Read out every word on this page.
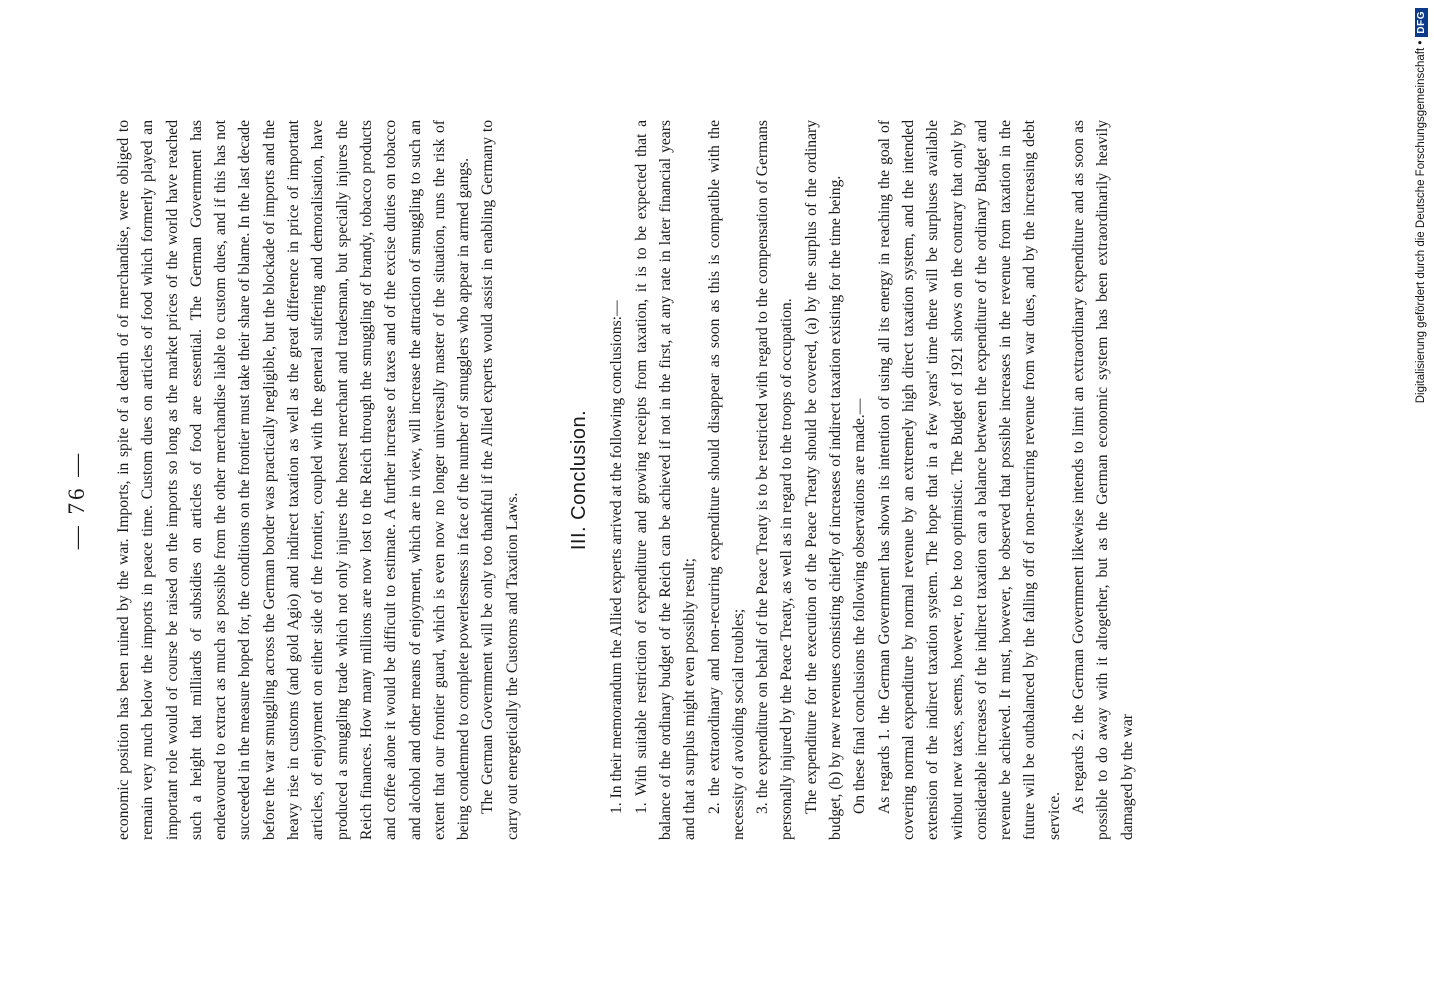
— 76 — economic position has been ruined by the war. Imports, in spite of a dearth of of merchandise, were obliged to remain very much below the imports in peace time. Custom dues on articles of food which formerly played an important role would of course be raised on the imports so long as the market prices of the world have reached such a height that milliards of subsidies on articles of food are essential. The German Government has endeavoured to extract as much as possible from the other merchandise liable to custom dues, and if this has not succeeded in the measure hoped for, the conditions on the frontier must take their share of blame. In the last decade before the war smuggling across the German border was practically negligible, but the blockade of imports and the heavy rise in customs (and gold Agio) and indirect taxation as well as the great difference in price of important articles, of enjoyment on either side of the frontier, coupled with the general suffering and demoralisation, have produced a smuggling trade which not only injures the honest merchant and tradesman, but specially injures the Reich finances. How many millions are now lost to the Reich through the smuggling of brandy, tobacco products and coffee alone it would be difficult to estimate. A further increase of taxes and of the excise duties on tobacco and alcohol and other means of enjoyment, which are in view, will increase the attraction of smuggling to such an extent that our frontier guard, which is even now no longer universally master of the situation, runs the risk of being condemned to complete powerlessness in face of the number of smugglers who appear in armed gangs. The German Government will be only too thankful if the Allied experts would assist in enabling Germany to carry out energetically the Customs and Taxation Laws.

III. Conclusion. 1. In their memorandum the Allied experts arrived at the following conclusions:— 1. With suitable restriction of expenditure and growing receipts from taxation, it is to be expected that a balance of the ordinary budget of the Reich can be achieved if not in the first, at any rate in later financial years and that a surplus might even possibly result; 2. the extraordinary and non-recurring expenditure should disappear as soon as this is compatible with the necessity of avoiding social troubles; 3. the expenditure on behalf of the Peace Treaty is to be restricted with regard to the compensation of Germans personally injured by the Peace Treaty, as well as in regard to the troops of occupation. The expenditure for the execution of the Peace Treaty should be covered, (a) by the surplus of the ordinary budget, (b) by new revenues consisting chiefly of increases of indirect taxation existing for the time being. On these final conclusions the following observations are made.— As regards 1. the German Government has shown its intention of using all its energy in reaching the goal of covering normal expenditure by normal revenue by an extremely high direct taxation system, and the intended extension of the indirect taxation system. The hope that in a few years' time there will be surpluses available without new taxes, seems, however, to be too optimistic. The Budget of 1921 shows on the contrary that only by considerable increases of the indirect taxation can a balance between the expenditure of the ordinary Budget and revenue be achieved. It must, however, be observed that possible increases in the revenue from taxation in the future will be outbalanced by the falling off of non-recurring revenue from war dues, and by the increasing debt service.

As regards 2. the German Government likewise intends to limit an extraordinary expenditure and as soon as possible to do away with it altogether, but as the German economic system has been extraordinarily heavily damaged by the war

Digitalisierung gefördert durch die Deutsche Forschungsgemeinschaft •
DFG
